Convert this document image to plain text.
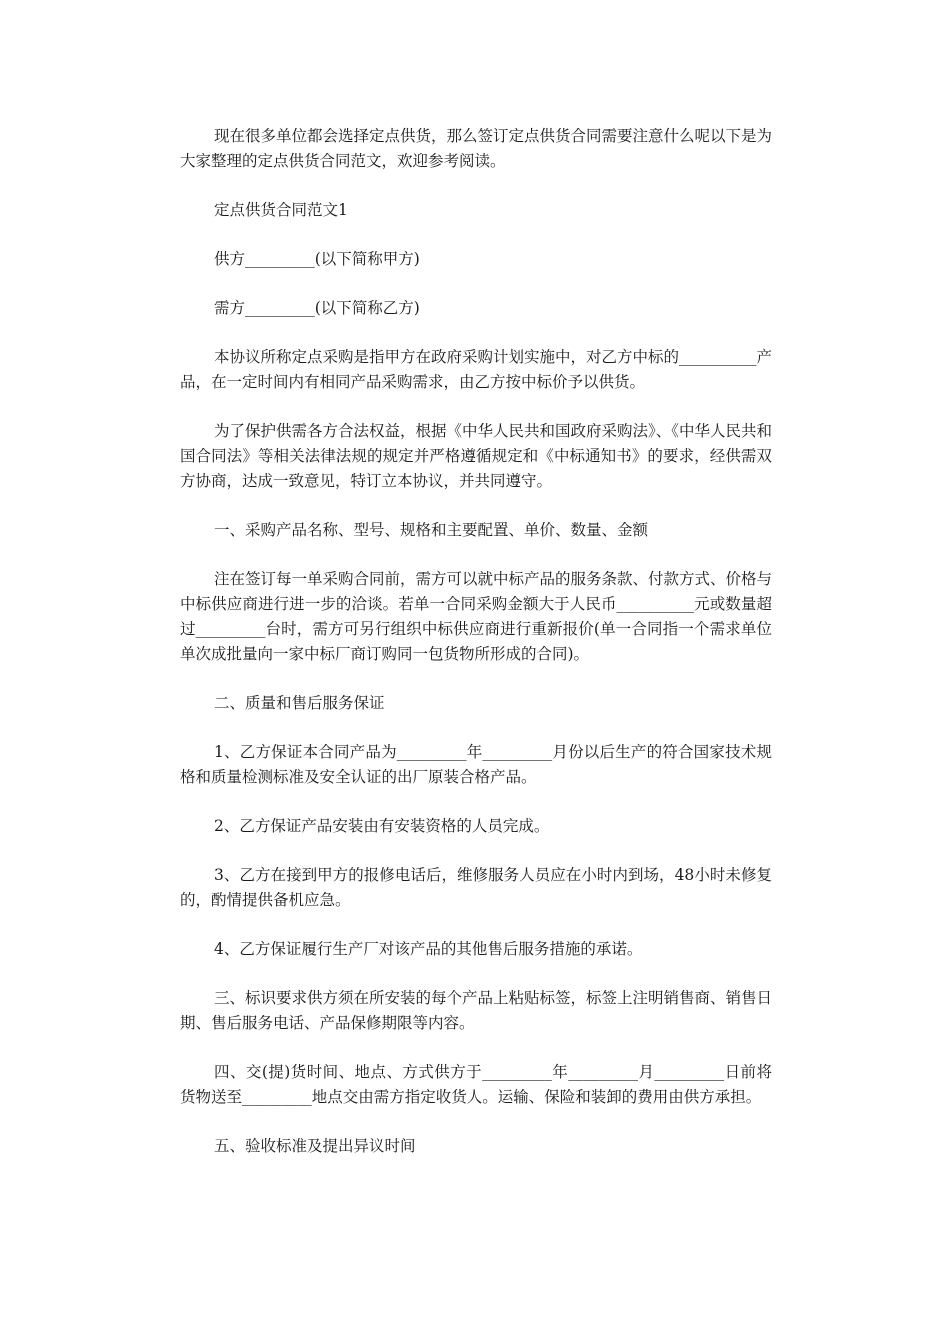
现在很多单位都会选择定点供货，那么签订定点供货合同需要注意什么呢以下是为大家整理的定点供货合同范文，欢迎参考阅读。

定点供货合同范文1

供方_________(以下简称甲方)

需方_________(以下简称乙方)

本协议所称定点采购是指甲方在政府采购计划实施中，对乙方中标的__________产品，在一定时间内有相同产品采购需求，由乙方按中标价予以供货。

为了保护供需各方合法权益，根据《中华人民共和国政府采购法》、《中华人民共和国合同法》等相关法律法规的规定并严格遵循规定和《中标通知书》的要求，经供需双方协商，达成一致意见，特订立本协议，并共同遵守。

一、采购产品名称、型号、规格和主要配置、单价、数量、金额

注在签订每一单采购合同前，需方可以就中标产品的服务条款、付款方式、价格与中标供应商进行进一步的洽谈。若单一合同采购金额大于人民币__________元或数量超过_________台时，需方可另行组织中标供应商进行重新报价(单一合同指一个需求单位单次成批量向一家中标厂商订购同一包货物所形成的合同)。

二、质量和售后服务保证

1、乙方保证本合同产品为_________年_________月份以后生产的符合国家技术规格和质量检测标准及安全认证的出厂原装合格产品。

2、乙方保证产品安装由有安装资格的人员完成。

3、乙方在接到甲方的报修电话后，维修服务人员应在小时内到场，48小时未修复的，酌情提供备机应急。

4、乙方保证履行生产厂对该产品的其他售后服务措施的承诺。

三、标识要求供方须在所安装的每个产品上粘贴标签，标签上注明销售商、销售日期、售后服务电话、产品保修期限等内容。

四、交(提)货时间、地点、方式供方于_________年_________月_________日前将货物送至_________地点交由需方指定收货人。运输、保险和装卸的费用由供方承担。

五、验收标准及提出异议时间
